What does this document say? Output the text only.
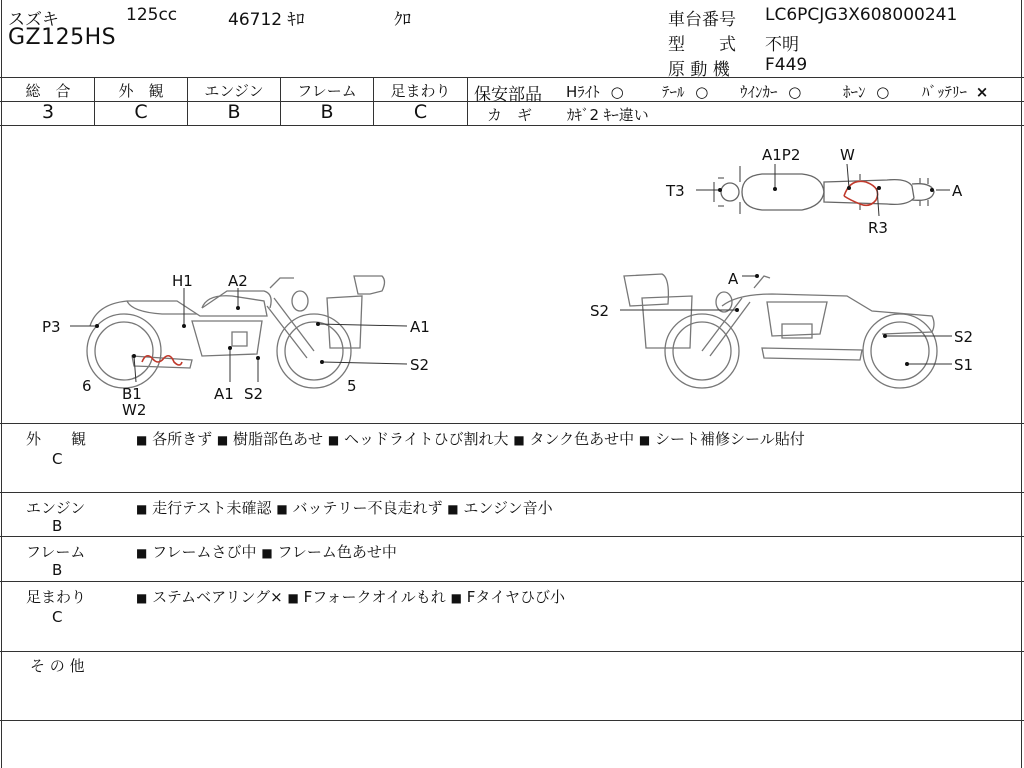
スズキ	125cc	46712 ｷﾛ	ｸﾛ
GZ125HS
車台番号 LC6PCJG3X608000241
型　　式 不明
原 動 機 F449
総　合	外　観	エンジン	フレーム	足まわり
3	C	B	B	C
保安部品 Hﾗｲﾄ ○	ﾃｰﾙ ○ ｳｲﾝｶｰ ○	ﾎｰﾝ ○ ﾊﾞｯﾃﾘｰ ×
カ　ギ ｶｷﾞ2 ｷｰ違い
A1P2	W
T3	A
R3
H1 A2
P3	A1
S2
6 B1
W2
A1 S2	5
A
S2
S2
S1
外　　観
C
■ 各所きず ■ 樹脂部色あせ ■ ヘッドライトひび割れ大 ■ タンク色あせ中 ■ シート補修シール貼付
エンジン
B
■ 走行テスト未確認 ■ バッテリー不良走れず ■ エンジン音小
フレーム
B
■ フレームさび中 ■ フレーム色あせ中
足まわり
C
■ ステムベアリング× ■ Fフォークオイルもれ ■ Fタイヤひび小
そ の 他
